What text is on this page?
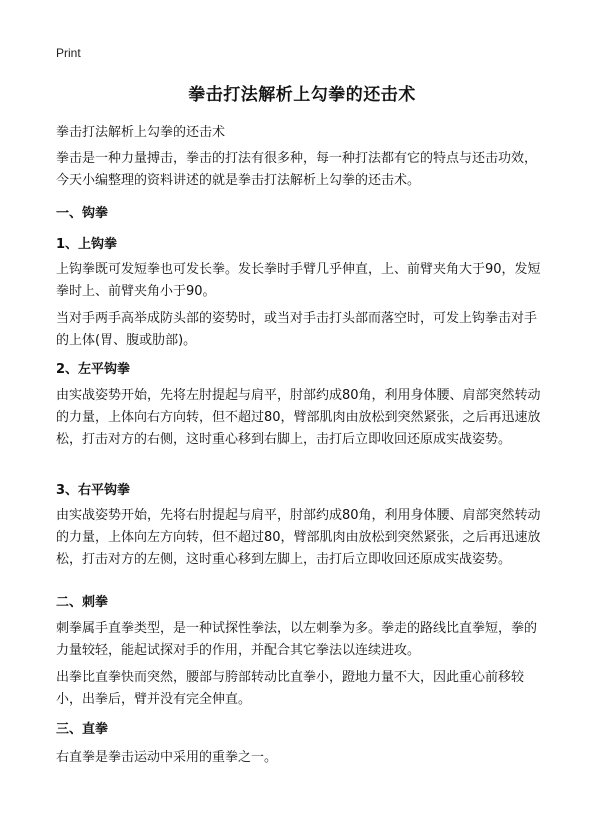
Print
拳击打法解析上勾拳的还击术

拳击打法解析上勾拳的还击术

拳击是一种力量搏击，拳击的打法有很多种，每一种打法都有它的特点与还击功效，今天小编整理的资料讲述的就是拳击打法解析上勾拳的还击术。

一、钩拳

1、上钩拳

上钩拳既可发短拳也可发长拳。发长拳时手臂几乎伸直，上、前臂夹角大于90，发短拳时上、前臂夹角小于90。

当对手两手高举成防头部的姿势时，或当对手击打头部而落空时，可发上钩拳击对手的上体(胃、腹或肋部)。

2、左平钩拳

由实战姿势开始，先将左肘提起与肩平，肘部约成80角，利用身体腰、肩部突然转动的力量，上体向右方向转，但不超过80，臂部肌肉由放松到突然紧张，之后再迅速放松，打击对方的右侧，这时重心移到右脚上，击打后立即收回还原成实战姿势。

3、右平钩拳

由实战姿势开始，先将右肘提起与肩平，肘部约成80角，利用身体腰、肩部突然转动的力量，上体向左方向转，但不超过80，臂部肌肉由放松到突然紧张，之后再迅速放松，打击对方的左侧，这时重心移到左脚上，击打后立即收回还原成实战姿势。

二、刺拳

刺拳属手直拳类型，是一种试探性拳法，以左刺拳为多。拳走的路线比直拳短，拳的力量较轻，能起试探对手的作用，并配合其它拳法以连续进攻。

出拳比直拳快而突然，腰部与胯部转动比直拳小，蹬地力量不大，因此重心前移较小，出拳后，臂并没有完全伸直。

三、直拳

右直拳是拳击运动中采用的重拳之一。
